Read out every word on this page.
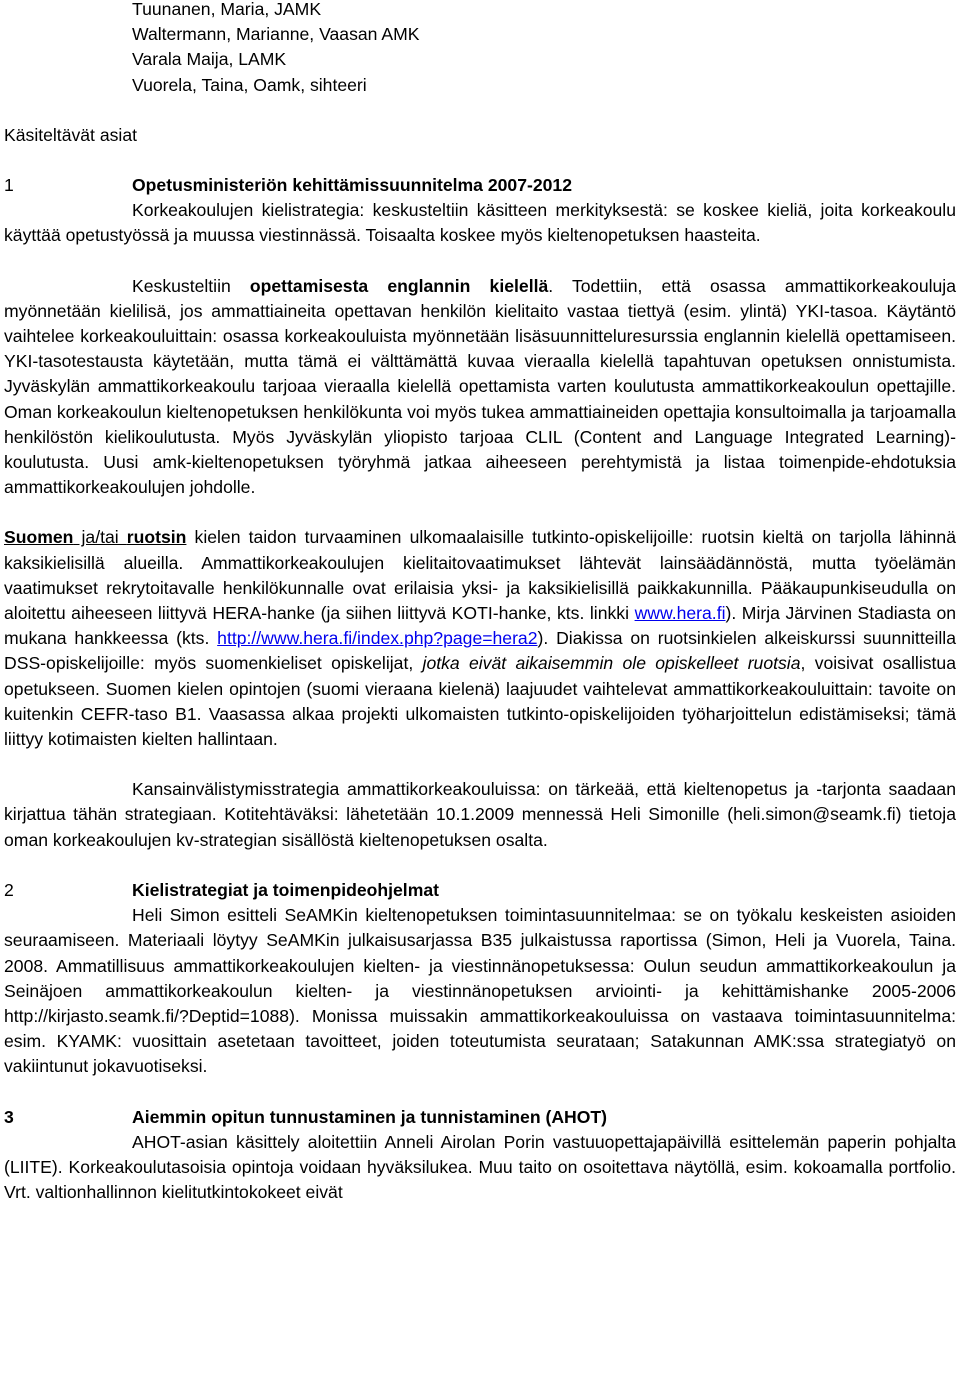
Tuunanen, Maria, JAMK
Waltermann, Marianne, Vaasan AMK
Varala Maija, LAMK
Vuorela, Taina, Oamk, sihteeri
Käsiteltävät asiat
1	Opetusministeriön kehittämissuunnitelma 2007-2012

Korkeakoulujen kielistrategia: keskusteltiin käsitteen merkityksestä: se koskee kieliä, joita korkeakoulu käyttää opetustyössä ja muussa viestinnässä. Toisaalta koskee myös kieltenopetuksen haasteita.

Keskusteltiin opettamisesta englannin kielellä. Todettiin, että osassa ammattikorkeakouluja myönnetään kielilisä, jos ammattiaineita opettavan henkilön kielitaito vastaa tiettyä (esim. ylintä) YKI-tasoa. Käytäntö vaihtelee korkeakouluittain: osassa korkeakouluista myönnetään lisäsuunnitteluresurssia englannin kielellä opettamiseen. YKI-tasotestausta käytetään, mutta tämä ei välttämättä kuvaa vieraalla kielellä tapahtuvan opetuksen onnistumista. Jyväskylän ammattikorkeakoulu tarjoaa vieraalla kielellä opettamista varten koulutusta ammattikorkeakoulun opettajille. Oman korkeakoulun kieltenopetuksen henkilökunta voi myös tukea ammattiaineiden opettajia konsultoimalla ja tarjoamalla henkilöstön kielikoulutusta. Myös Jyväskylän yliopisto tarjoaa CLIL (Content and Language Integrated Learning)-koulutusta. Uusi amk-kieltenopetuksen työryhmä jatkaa aiheeseen perehtymistä ja listaa toimenpide-ehdotuksia ammattikorkeakoulujen johdolle.

Suomen ja/tai ruotsin kielen taidon turvaaminen ulkomaalaisille tutkinto-opiskelijoille: ruotsin kieltä on tarjolla lähinnä kaksikielisillä alueilla. Ammattikorkeakoulujen kielitaitovaatimukset lähtevät lainsäädännöstä, mutta työelämän vaatimukset rekrytoitavalle henkilökunnalle ovat erilaisia yksi- ja kaksikielisillä paikkakunnilla. Pääkaupunkiseudulla on aloitettu aiheeseen liittyvä HERA-hanke (ja siihen liittyvä KOTI-hanke, kts. linkki www.hera.fi). Mirja Järvinen Stadiasta on mukana hankkeessa (kts. http://www.hera.fi/index.php?page=hera2). Diakissa on ruotsinkielen alkeiskurssi suunnitteilla DSS-opiskelijoille: myös suomenkieliset opiskelijat, jotka eivät aikaisemmin ole opiskelleet ruotsia, voisivat osallistua opetukseen. Suomen kielen opintojen (suomi vieraana kielenä) laajuudet vaihtelevat ammattikorkeakouluittain: tavoite on kuitenkin CEFR-taso B1. Vaasassa alkaa projekti ulkomaisten tutkinto-opiskelijoiden työharjoittelun edistämiseksi; tämä liittyy kotimaisten kielten hallintaan.

Kansainvälistymisstrategia ammattikorkeakouluissa: on tärkeää, että kieltenopetus ja -tarjonta saadaan kirjattua tähän strategiaan. Kotitehtäväksi: lähetetään 10.1.2009 mennessä Heli Simonille (heli.simon@seamk.fi) tietoja oman korkeakoulujen kv-strategian sisällöstä kieltenopetuksen osalta.

2	Kielistrategiat ja toimenpideohjelmat

Heli Simon esitteli SeAMKin kieltenopetuksen toimintasuunnitelmaa: se on työkalu keskeisten asioiden seuraamiseen. Materiaali löytyy SeAMKin julkaisusarjassa B35 julkaistussa raportissa (Simon, Heli ja Vuorela, Taina. 2008. Ammatillisuus ammattikorkeakoulujen kielten- ja viestinnänopetuksessa: Oulun seudun ammattikorkeakoulun ja Seinäjoen ammattikorkeakoulun kielten- ja viestinnänopetuksen arviointi- ja kehittämishanke 2005-2006 http://kirjasto.seamk.fi/?Deptid=1088). Monissa muissakin ammattikorkeakouluissa on vastaava toimintasuunnitelma: esim. KYAMK: vuosittain asetetaan tavoitteet, joiden toteutumista seurataan; Satakunnan AMK:ssa strategiatyö on vakiintunut jokavuotiseksi.

3	Aiemmin opitun tunnustaminen ja tunnistaminen (AHOT)

AHOT-asian käsittely aloitettiin Anneli Airolan Porin vastuuopettajapäivillä esittelemän paperin pohjalta (LIITE). Korkeakoulutasoisia opintoja voidaan hyväksilukea. Muu taito on osoitettava näytöllä, esim. kokoamalla portfolio. Vrt. valtionhallinnon kielitutkintokokeet eivät
